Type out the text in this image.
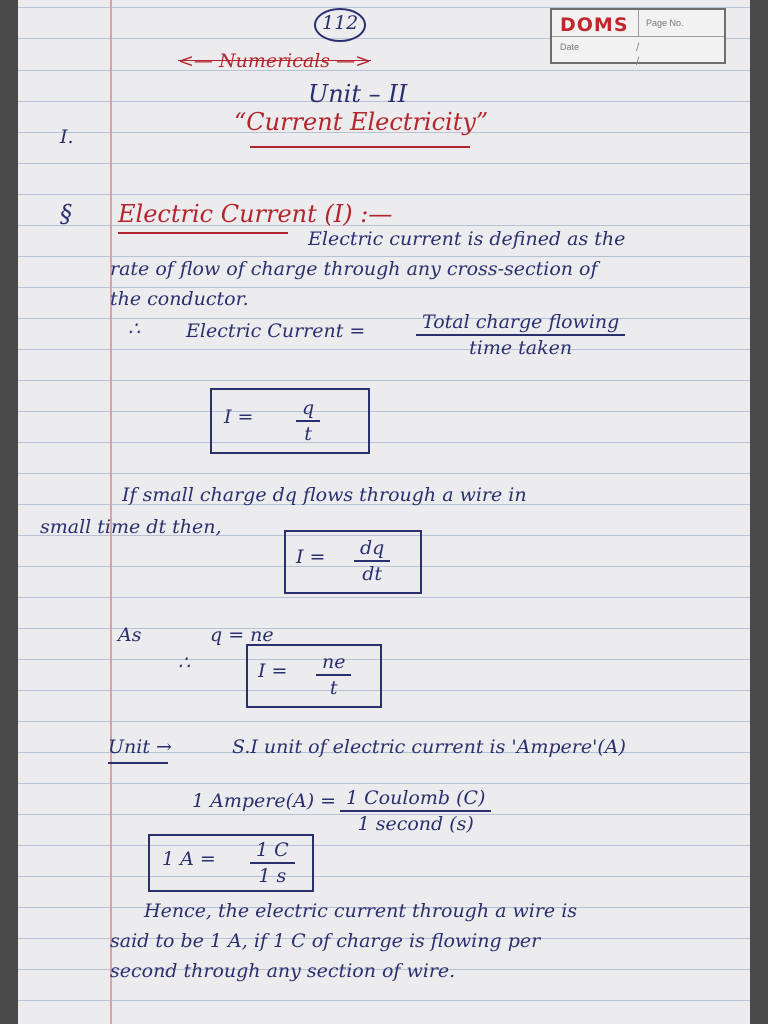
112	DOMS Page No.
Date	/ /
<— Numericals —>
Unit – II
“Current Electricity”
I.
§ Electric Current (I) :—
Electric current is defined as the
rate of flow of charge through any cross-section of
the conductor.
∴ Electric Current =	Total charge flowing
time taken
$I = \frac{q}{t}$
If small charge dq flows through a wire in
small time dt then,
$I = \frac{dq}{dt}$
As	q = ne
∴	$I = \frac{ne}{t}$
Unit →	S.I unit of electric current is 'Ampere'(A)
1 Ampere(A) = 1 Coulomb (C)
1 second (s)
1 $A = \frac{1 C}{1 s}$
Hence, the electric current through a wire is
said to be 1 A, if 1 C of charge is flowing per
second through any section of wire.
